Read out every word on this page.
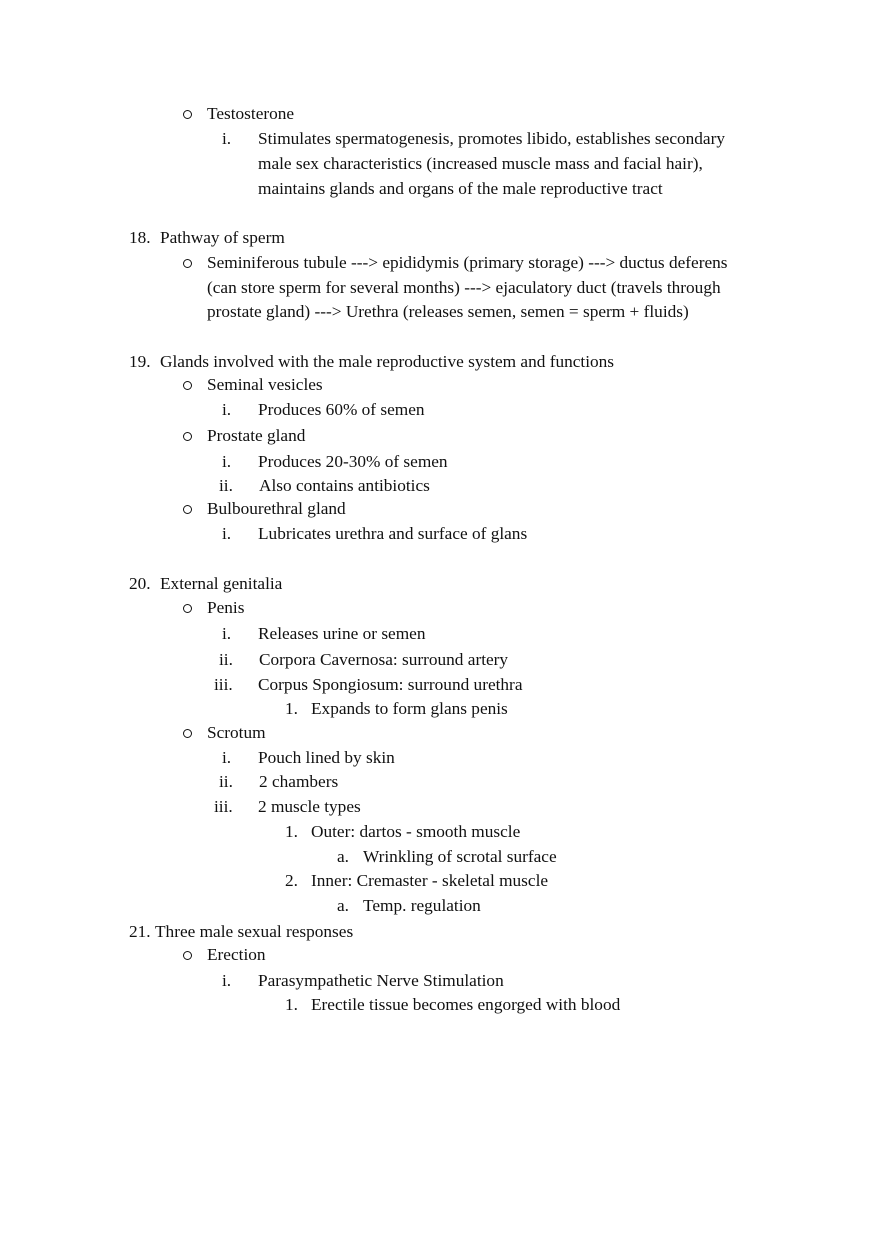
Testosterone
i. Stimulates spermatogenesis, promotes libido, establishes secondary
male sex characteristics (increased muscle mass and facial hair),
maintains glands and organs of the male reproductive tract
18. Pathway of sperm
Seminiferous tubule ---> epididymis (primary storage) ---> ductus deferens
(can store sperm for several months) ---> ejaculatory duct (travels through
prostate gland) ---> Urethra (releases semen, semen = sperm + fluids)
19. Glands involved with the male reproductive system and functions
Seminal vesicles
i. Produces 60% of semen
Prostate gland
i. Produces 20-30% of semen
ii. Also contains antibiotics
Bulbourethral gland
i. Lubricates urethra and surface of glans
20. External genitalia
Penis
i. Releases urine or semen
ii. Corpora Cavernosa: surround artery
iii. Corpus Spongiosum: surround urethra
1. Expands to form glans penis
Scrotum
i. Pouch lined by skin
ii. 2 chambers
iii. 2 muscle types
1. Outer: dartos - smooth muscle
a. Wrinkling of scrotal surface
2. Inner: Cremaster - skeletal muscle
a. Temp. regulation
21. Three male sexual responses
Erection
i. Parasympathetic Nerve Stimulation
1. Erectile tissue becomes engorged with blood
